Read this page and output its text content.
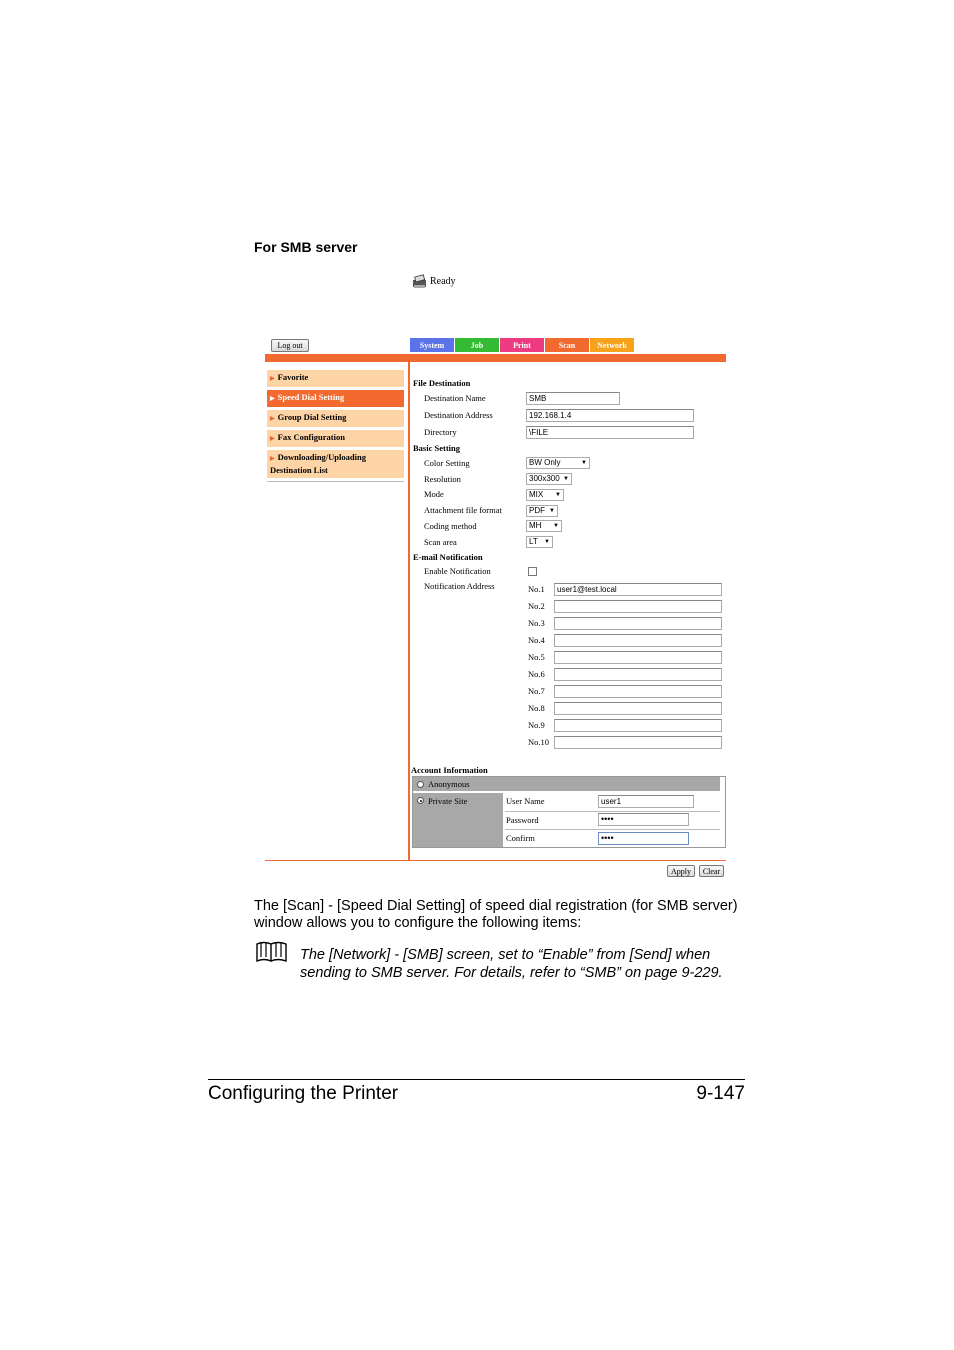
For SMB server
Ready
Log out	System	Job	Print	Scan	Network
▶ Favorite
▶ Speed Dial Setting
▶ Group Dial Setting
▶ Fax Configuration
▶ Downloading/Uploading
Destination List
File Destination
Destination Name	SMB
Destination Address	192.168.1.4
Directory	\FILE
Basic Setting
Color Setting	BW Only	▼
Resolution	300x300 ▼
Mode	MIX ▼
Attachment file format	PDF ▼
Coding method	MH ▼
Scan area	LT ▼
E-mail Notification
Enable Notification
Notification Address	No.1	user1@test.local
No.2
No.3
No.4
No.5
No.6
No.7
No.8
No.9
No.10
Account Information
Anonymous
Private Site	User Name	user1
Password	••••
Confirm	••••
Apply	Clear
The [Scan] - [Speed Dial Setting] of speed dial registration (for SMB server) window allows you to configure the following items:
The [Network] - [SMB] screen, set to “Enable” from [Send] when sending to SMB server. For details, refer to “SMB” on page 9-229.
Configuring the Printer	9-147
